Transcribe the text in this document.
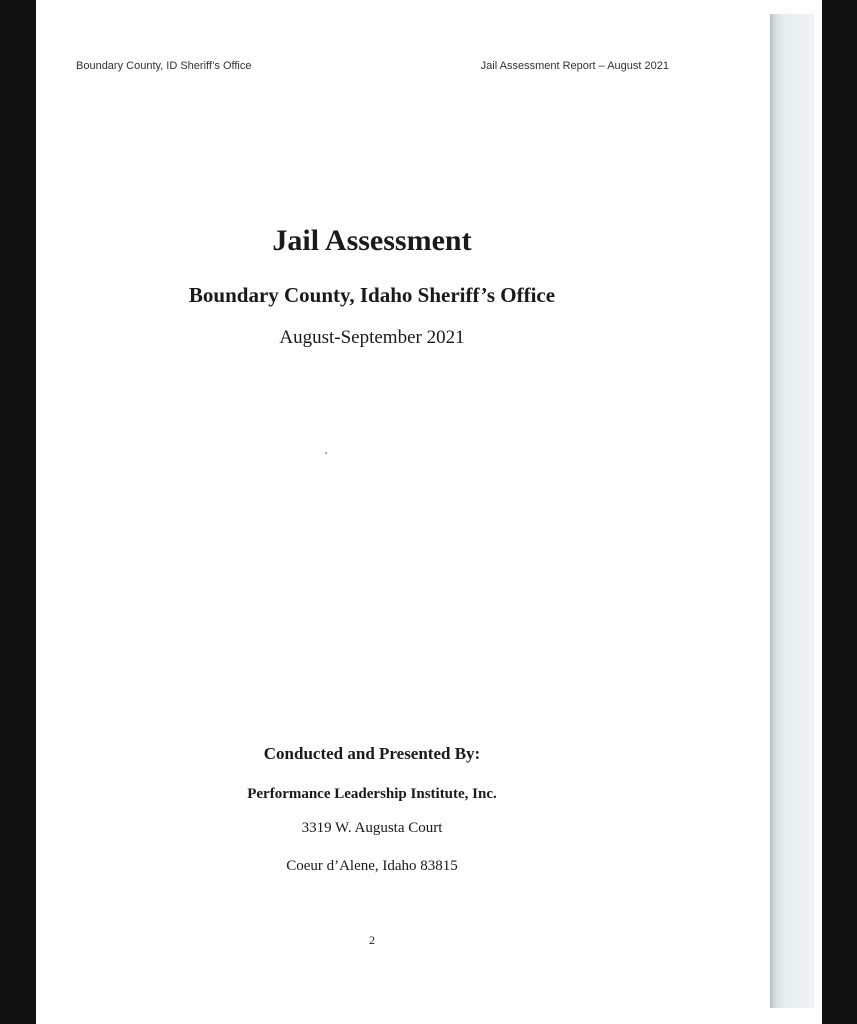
Boundary County, ID Sheriff’s Office	Jail Assessment Report – August 2021
Jail Assessment
Boundary County, Idaho Sheriff’s Office
August-September 2021
Conducted and Presented By:
Performance Leadership Institute, Inc.
3319 W. Augusta Court
Coeur d’Alene, Idaho 83815
2
